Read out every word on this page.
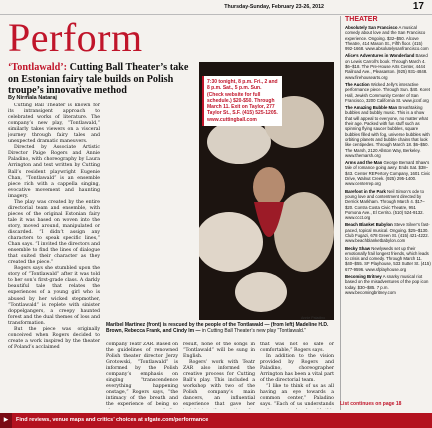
Thursday-Sunday, February 23-26, 2012	17
Perform
‘Tontlawald’: Cutting Ball Theater’s take on Estonian fairy tale builds on Polish troupe’s innovative method
By Nirmala Nataraj

Cutting Ball Theater is known for its intransigent approach to celebrated works of literature. The company’s new play, “Tontlawald,” similarly takes viewers on a visceral journey through fairy tales and unexpected dramatic maneuvers.

Directed by Associate Artistic Director Paige Rogers and Annie Paladino, with choreography by Laura Arrington and text written by Cutting Ball’s resident playwright Eugenie Chan, “Tontlawald” is an ensemble piece rich with a cappella singing, evocative movement and haunting imagery.

The play was created by the entire directorial team and ensemble, with pieces of the original Estonian fairy tale it was based on woven into the story, moved around, manipulated or discarded. “I didn’t assign any characters to speak specific lines,” Chan says. “I invited the directors and ensemble to find the lines of dialogue that suited their character as they created the piece.”

Rogers says she stumbled upon the story of “Tontlawald” after it was told to her son’s first-grade class. A darkly beautiful tale that relates the experiences of a young girl who is abused by her wicked stepmother, “Tontlawald” is replete with sinister doppelgangers, a creepy haunted forest and the dual themes of loss and transformation.

But the piece was originally conceived when Rogers decided to create a work inspired by the theater of Poland’s acclaimed

7:30 tonight, 8 p.m. Fri., 2 and 8 p.m. Sat., 5 p.m. Sun. (Check website for full schedule.) $20-$50. Through March 11. Exit on Taylor, 277 Taylor St., S.F. (415) 525-1205. www.cuttingball.com
Annie Paladino
Maribel Martinez (front) is rescued by the people of the Tontlawald — (from left) Madeline H.D. Brown, Rebecca Frank, and Cindy Im — in Cutting Ball Theater’s new play “Tontlawald.”

company Teatr ZAR. Based on the guidelines of renowned Polish theater director Jerzy Grotowski, “Tontlawald” is informed by the Polish company’s emphasis on singing “transcendence everything happening onstage,” Rogers says, “the intimacy of the breath and the experience of being so

result, none of the songs in “Tontlawald” will be sung in English.

Rogers’ work with Teatr ZAR also informed the creative process for Cutting Ball’s play. This included a workshop with two of the Polish company’s main dancers, an influential experience that gave her

that was not so safe or comfortable,” Rogers says.

In addition to the vision provided by Rogers and Paladino, choreographer Arrington has been a vital part of the directorial team.

“I like to think of us as all having an eye towards a common center,” Paladino says. “Each of us understands

THEATER
Absolutely San Francisco A musical comedy about love and the San Francisco experience. Ongoing. $32–$50. Alcove Theatre, 414 Mason St., Fifth floor. (415) 992-1668. www.absolutelysanfrancisco.com
Alice’s Adventures in Wonderland Based on Lewis Carroll’s book. Through March 4. $6–$18. The Pre-House Arts Center, 4444 Railroad Ave., Pleasanton. (925) 931-4848. www.firehousearts.org
The Auction Wicked Jelly’s interactive performance piece. Through Sun. $40. Koret Hall, Jewish Community Center of San Francisco, 3200 California St. www.jccsf.org
The Amazing Bubble Man Breathtaking bubbles and bubbly music. This is a show that will appeal to everyone, no matter what their age. Packed with fun stuff such as spinning flying saucer bubbles, square bubbles filled with fog, universe bubbles with orbiting planets and bubble chains that look like centipedes. Through March 18. $6–$50. The Marsh, 2120 Allston Way, Berkeley. www.themarsh.org
Arms and the Man George Bernard Shaw’s tale of romance going awry. Ends Sat. $38–$43. Center REPertory Company, 1601 Civic Drive, Walnut Creek. (925) 295-1400. www.centerrep.org
Barefoot in the Park Neil Simon’s ode to young love and contentment directed by Derrick Markham. Through March 4. $17–$20. Contra Costa Civic Theatre, 951 Pomona Ave., El Cerrito. (510) 524-9132. www.ccct.org
Beach Blanket Babylon Steve Silver’s fast-paced, topical musical. Ongoing. $25–$130. Club Fugazi, 678 Green St. (415) 421-4222. www.beachblanketbabylon.com
Becky Shaw Newlyweds set up their emotionally frail longest friends, which leads to crisis and comedy. Through March 11. $40–$55. SF Playhouse, 533 Sutter St. (415) 677-9596. www.sfplayhouse.org
Becoming Britney A snarky musical riot based on the misadventures of the pop icon today. $30–$85. 7 p.m. www.becomingbritney.com
List continues on page 18
▶ Find reviews, venue maps and critics’ choices at sfgate.com/performance
